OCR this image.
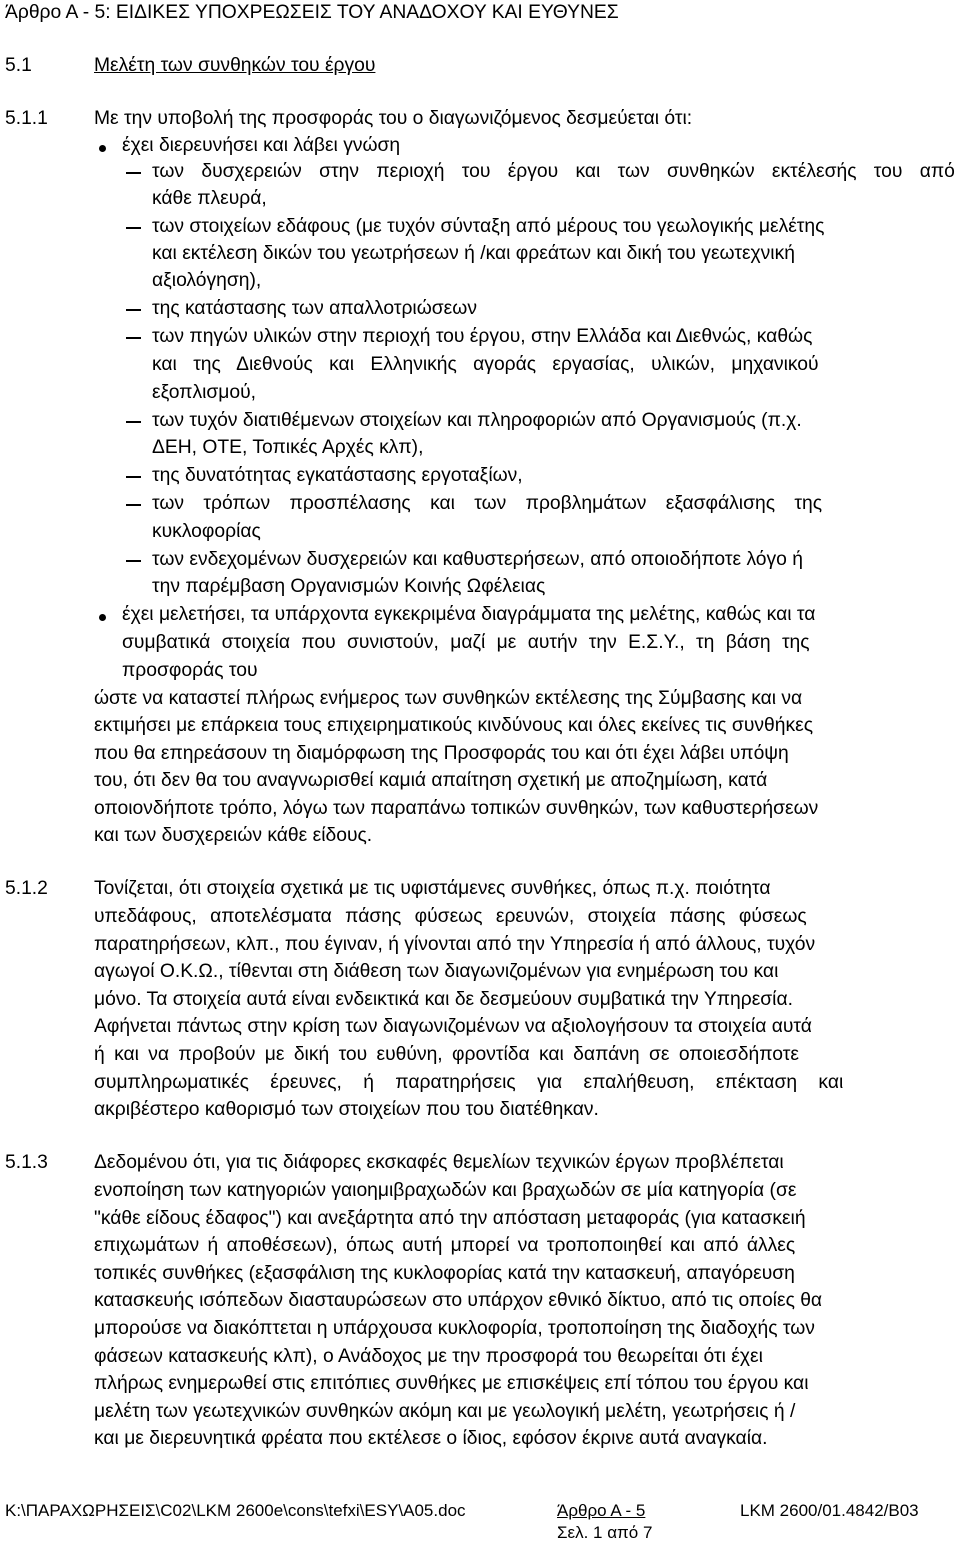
Άρθρο Α - 5: ΕΙΔΙΚΕΣ ΥΠΟΧΡΕΩΣΕΙΣ ΤΟΥ ΑΝΑΔΟΧΟΥ ΚΑΙ ΕΥΘΥΝΕΣ
5.1	Μελέτη των συνθηκών του έργου
5.1.1 Με την υποβολή της προσφοράς του ο διαγωνιζόμενος δεσμεύεται ότι:
έχει διερευνήσει και λάβει γνώση
των δυσχερειών στην περιοχή του έργου και των συνθηκών εκτέλεσής του από
κάθε πλευρά,
των στοιχείων εδάφους (με τυχόν σύνταξη από μέρους του γεωλογικής μελέτης
και εκτέλεση δικών του γεωτρήσεων ή /και φρεάτων και δική του γεωτεχνική
αξιολόγηση),
της κατάστασης των απαλλοτριώσεων
των πηγών υλικών στην περιοχή του έργου, στην Ελλάδα και Διεθνώς, καθώς
και της Διεθνούς και Ελληνικής αγοράς εργασίας, υλικών, μηχανικού
εξοπλισμού,
των τυχόν διατιθέμενων στοιχείων και πληροφοριών από Οργανισμούς (π.χ.
ΔΕΗ, ΟΤΕ, Τοπικές Αρχές κλπ),
της δυνατότητας εγκατάστασης εργοταξίων,
των τρόπων προσπέλασης και των προβλημάτων εξασφάλισης της
κυκλοφορίας
των ενδεχομένων δυσχερειών και καθυστερήσεων, από οποιοδήποτε λόγο ή
την παρέμβαση Οργανισμών Κοινής Ωφέλειας
έχει μελετήσει, τα υπάρχοντα εγκεκριμένα διαγράμματα της μελέτης, καθώς και τα
συμβατικά στοιχεία που συνιστούν, μαζί με αυτήν την Ε.Σ.Υ., τη βάση της
προσφοράς του
ώστε να καταστεί πλήρως ενήμερος των συνθηκών εκτέλεσης της Σύμβασης και να
εκτιμήσει με επάρκεια τους επιχειρηματικούς κινδύνους και όλες εκείνες τις συνθήκες
που θα επηρεάσουν τη διαμόρφωση της Προσφοράς του και ότι έχει λάβει υπόψη
του, ότι δεν θα του αναγνωρισθεί καμιά απαίτηση σχετική με αποζημίωση, κατά
οποιονδήποτε τρόπο, λόγω των παραπάνω τοπικών συνθηκών, των καθυστερήσεων
και των δυσχερειών κάθε είδους.
5.1.2 Τονίζεται, ότι στοιχεία σχετικά με τις υφιστάμενες συνθήκες, όπως π.χ. ποιότητα
υπεδάφους, αποτελέσματα πάσης φύσεως ερευνών, στοιχεία πάσης φύσεως
παρατηρήσεων, κλπ., που έγιναν, ή γίνονται από την Υπηρεσία ή από άλλους, τυχόν
αγωγοί Ο.Κ.Ω., τίθενται στη διάθεση των διαγωνιζομένων για ενημέρωση του και
μόνο. Τα στοιχεία αυτά είναι ενδεικτικά και δε δεσμεύουν συμβατικά την Υπηρεσία.
Αφήνεται πάντως στην κρίση των διαγωνιζομένων να αξιολογήσουν τα στοιχεία αυτά
ή και να προβούν με δική του ευθύνη, φροντίδα και δαπάνη σε οποιεσδήποτε
συμπληρωματικές έρευνες, ή παρατηρήσεις για επαλήθευση, επέκταση και
ακριβέστερο καθορισμό των στοιχείων που του διατέθηκαν.
5.1.3 Δεδομένου ότι, για τις διάφορες εκσκαφές θεμελίων τεχνικών έργων προβλέπεται
ενοποίηση των κατηγοριών γαιοημιβραχωδών και βραχωδών σε μία κατηγορία (σε
"κάθε είδους έδαφος") και ανεξάρτητα από την απόσταση μεταφοράς (για κατασκειή
επιχωμάτων ή αποθέσεων), όπως αυτή μπορεί να τροποποιηθεί και από άλλες
τοπικές συνθήκες (εξασφάλιση της κυκλοφορίας κατά την κατασκευή, απαγόρευση
κατασκευής ισόπεδων διασταυρώσεων στο υπάρχον εθνικό δίκτυο, από τις οποίες θα
μπορούσε να διακόπτεται η υπάρχουσα κυκλοφορία, τροποποίηση της διαδοχής των
φάσεων κατασκευής κλπ), ο Ανάδοχος με την προσφορά του θεωρείται ότι έχει
πλήρως ενημερωθεί στις επιτόπιες συνθήκες με επισκέψεις επί τόπου του έργου και
μελέτη των γεωτεχνικών συνθηκών ακόμη και με γεωλογική μελέτη, γεωτρήσεις ή /
και με διερευνητικά φρέατα που εκτέλεσε ο ίδιος, εφόσον έκρινε αυτά αναγκαία.
K:\ΠΑΡΑΧΩΡΗΣΕΙΣ\C02\LKM 2600e\cons\tefxi\ESY\A05.doc	Άρθρο Α - 5	LKM 2600/01.4842/B03
Σελ. 1 από 7
